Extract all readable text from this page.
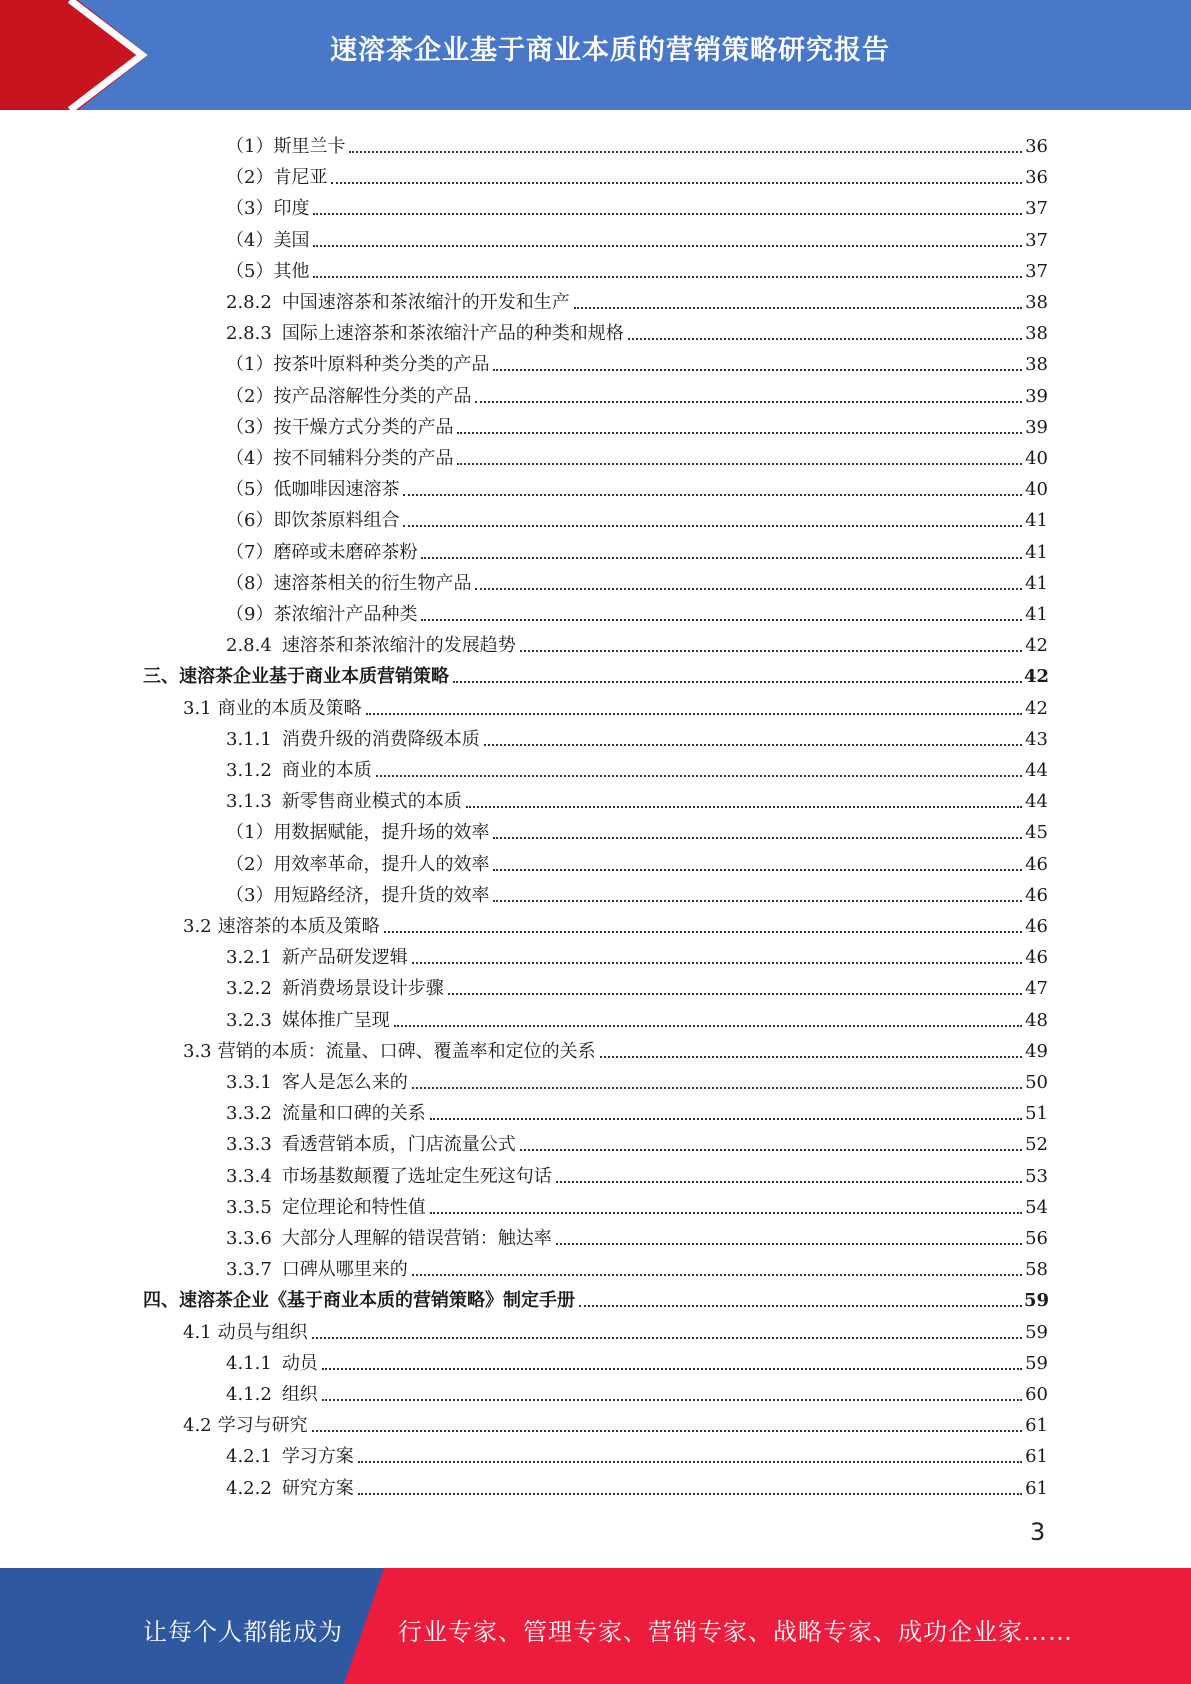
速溶茶企业基于商业本质的营销策略研究报告
（1） 斯里兰卡	36
（2） 肯尼亚	36
（3） 印度	37
（4） 美国	37
（5） 其他	37
2.8.2 中国速溶茶和茶浓缩汁的开发和生产	38
2.8.3 国际上速溶茶和茶浓缩汁产品的种类和规格	38
（1） 按茶叶原料种类分类的产品	38
（2） 按产品溶解性分类的产品	39
（3） 按干燥方式分类的产品	39
（4） 按不同辅料分类的产品	40
（5） 低咖啡因速溶茶	40
（6） 即饮茶原料组合	41
（7） 磨碎或未磨碎茶粉	41
（8） 速溶茶相关的衍生物产品	41
（9） 茶浓缩汁产品种类	41
2.8.4 速溶茶和茶浓缩汁的发展趋势	42
三、 速溶茶企业基于商业本质营销策略	42
3.1 商业的本质及策略	42
3.1.1 消费升级的消费降级本质	43
3.1.2 商业的本质	44
3.1.3 新零售商业模式的本质	44
（1） 用数据赋能，提升场的效率	45
（2） 用效率革命，提升人的效率	46
（3） 用短路经济，提升货的效率	46
3.2 速溶茶的本质及策略	46
3.2.1 新产品研发逻辑	46
3.2.2 新消费场景设计步骤	47
3.2.3 媒体推广呈现	48
3.3 营销的本质：流量、口碑、覆盖率和定位的关系	49
3.3.1 客人是怎么来的	50
3.3.2 流量和口碑的关系	51
3.3.3 看透营销本质，门店流量公式	52
3.3.4 市场基数颠覆了选址定生死这句话	53
3.3.5 定位理论和特性值	54
3.3.6 大部分人理解的错误营销：触达率	56
3.3.7 口碑从哪里来的	58
四、 速溶茶企业《基于商业本质的营销策略》制定手册	59
4.1 动员与组织	59
4.1.1 动员	59
4.1.2 组织	60
4.2 学习与研究	61
4.2.1 学习方案	61
4.2.2 研究方案	61
3
让每个人都能成为 行业专家、管理专家、营销专家、战略专家、成功企业家……
